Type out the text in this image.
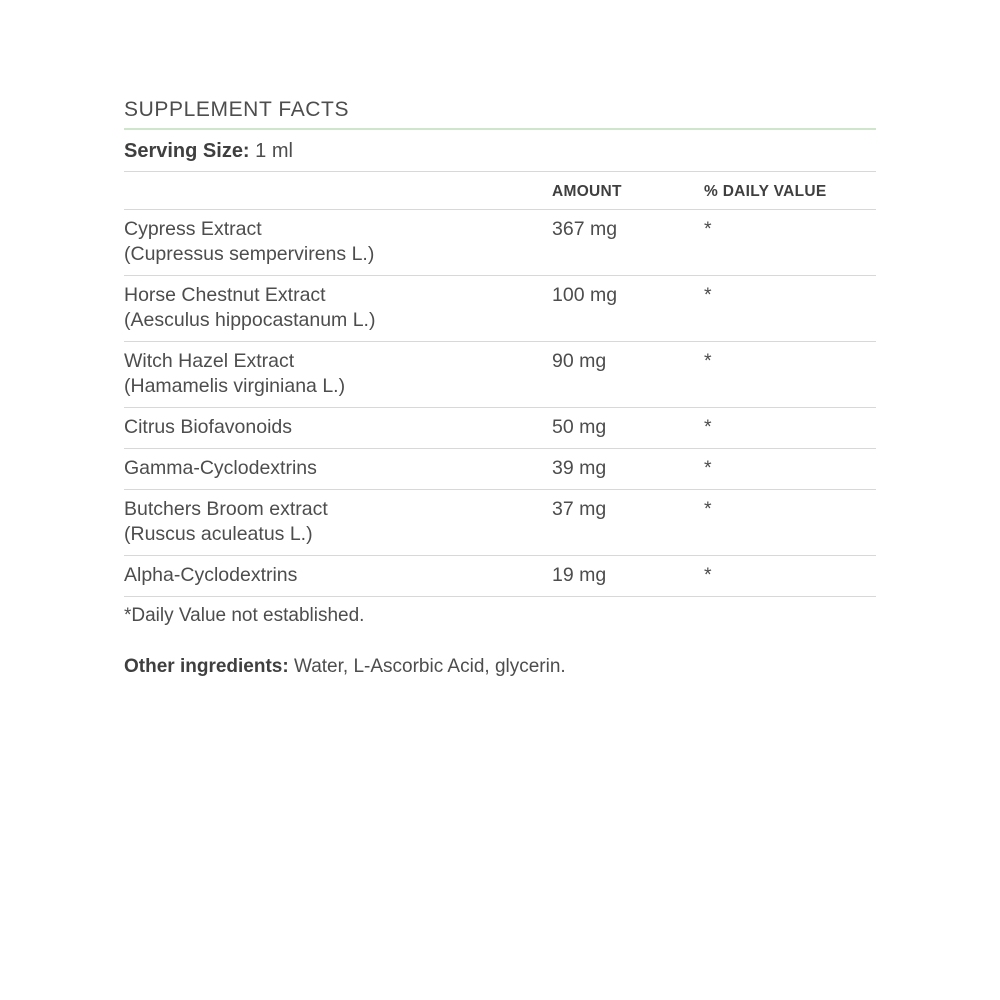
SUPPLEMENT FACTS
Serving Size: 1 ml
	AMOUNT	% DAILY VALUE
Cypress Extract
(Cupressus sempervirens L.)	367 mg	*
Horse Chestnut Extract
(Aesculus hippocastanum L.)	100 mg	*
Witch Hazel Extract
(Hamamelis virginiana L.)	90 mg	*
Citrus Biofavonoids	50 mg	*
Gamma-Cyclodextrins	39 mg	*
Butchers Broom extract
(Ruscus aculeatus L.)	37 mg	*
Alpha-Cyclodextrins	19 mg	*
*Daily Value not established.
Other ingredients: Water, L-Ascorbic Acid, glycerin.
